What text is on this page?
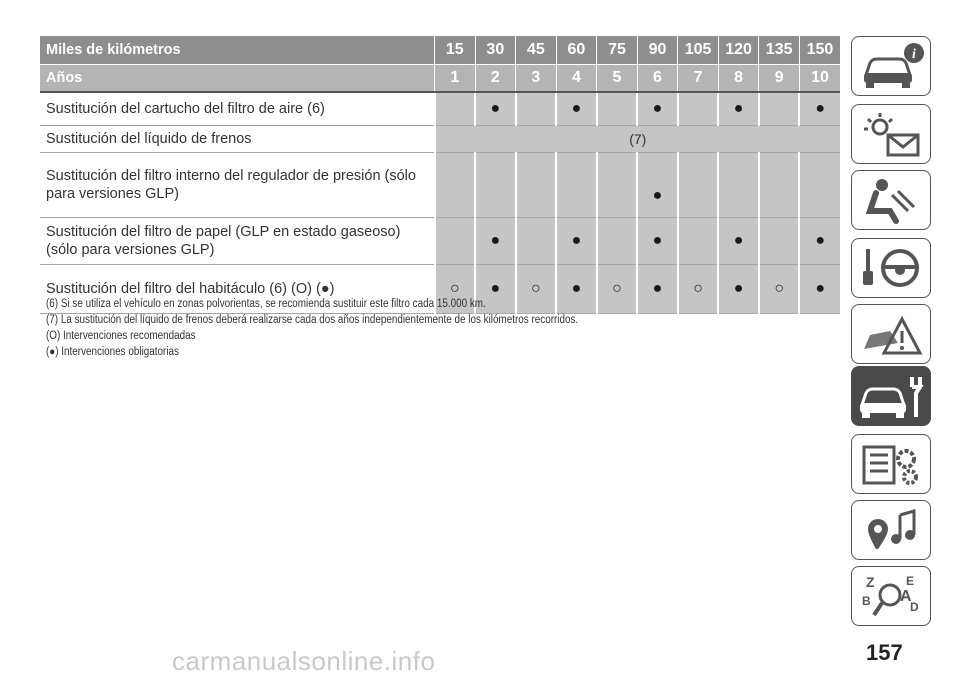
Miles de kilómetros	15	30	45	60	75	90	105	120	135	150
Años	1	2	3	4	5	6	7	8	9	10
Sustitución del cartucho del filtro de aire (6)		●		●		●		●		●
Sustitución del líquido de frenos	(7)									

Sustitución del filtro interno del regulador de presión (sólo
para versiones GLP)						●				

Sustitución del filtro de papel (GLP en estado gaseoso)
(sólo para versiones GLP)		●		●		●		●		●
Sustitución del filtro del habitáculo (6) (O) (●)	○	●	○	●	○	●	○	●	○	●
(6) Si se utiliza el vehículo en zonas polvorientas, se recomienda sustituir este filtro cada 15.000 km.
(7) La sustitución del líquido de frenos deberá realizarse cada dos años independientemente de los kilómetros recorridos.
(O) Intervenciones recomendadas
(●) Intervenciones obligatorias
i
Z	E
B	D
A
157
carmanualsonline.info
